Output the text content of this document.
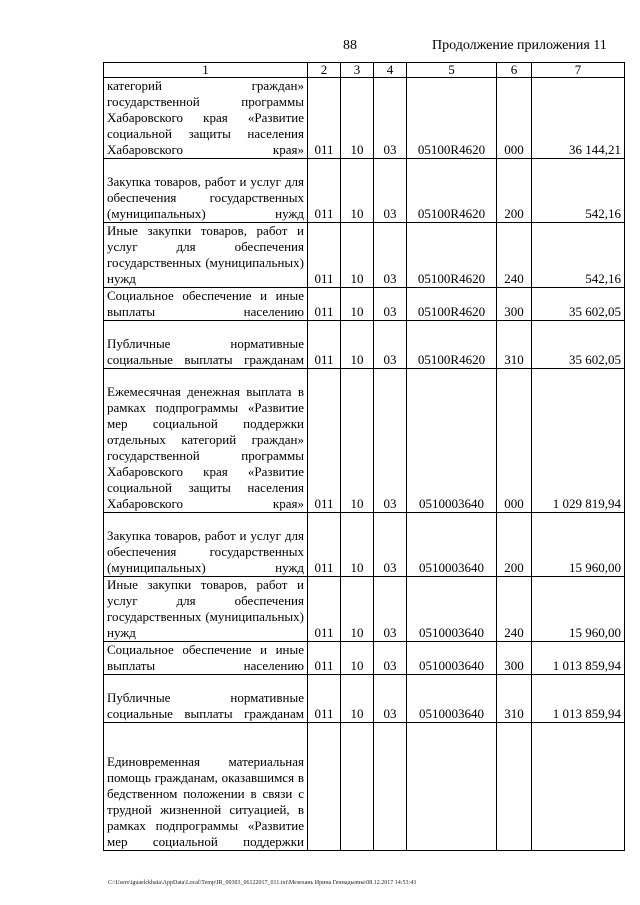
88	Продолжение приложения 11
1	2	3	4	5	6	7
категорий граждан» государственной программы Хабаровского края «Развитие социальной защиты населения Хабаровского края»	011	10	03	05100R4620	000	36 144,21
Закупка товаров, работ и услуг для обеспечения государственных (муниципальных) нужд	011	10	03	05100R4620	200	542,16
Иные закупки товаров, работ и услуг для обеспечения государственных (муниципальных) нужд	011	10	03	05100R4620	240	542,16
Социальное обеспечение и иные выплаты населению	011	10	03	05100R4620	300	35 602,05
Публичные нормативные социальные выплаты гражданам	011	10	03	05100R4620	310	35 602,05
Ежемесячная денежная выплата в рамках подпрограммы «Развитие мер социальной поддержки отдельных категорий граждан» государственной программы Хабаровского края «Развитие социальной защиты населения Хабаровского края»	011	10	03	0510003640	000	1 029 819,94
Закупка товаров, работ и услуг для обеспечения государственных (муниципальных) нужд	011	10	03	0510003640	200	15 960,00
Иные закупки товаров, работ и услуг для обеспечения государственных (муниципальных) нужд	011	10	03	0510003640	240	15 960,00
Социальное обеспечение и иные выплаты населению	011	10	03	0510003640	300	1 013 859,94
Публичные нормативные социальные выплаты гражданам	011	10	03	0510003640	310	1 013 859,94
Единовременная материальная помощь гражданам, оказавшимся в бедственном положении в связи с трудной жизненной ситуацией, в рамках подпрограммы «Развитие мер социальной поддержки						
C:\Users\iguaelckhaia\AppData\Local\Temp\IR_00303_06122017_011.txt\Мезехань Ирина Геннадьевна\08.12.2017 14:53:43
